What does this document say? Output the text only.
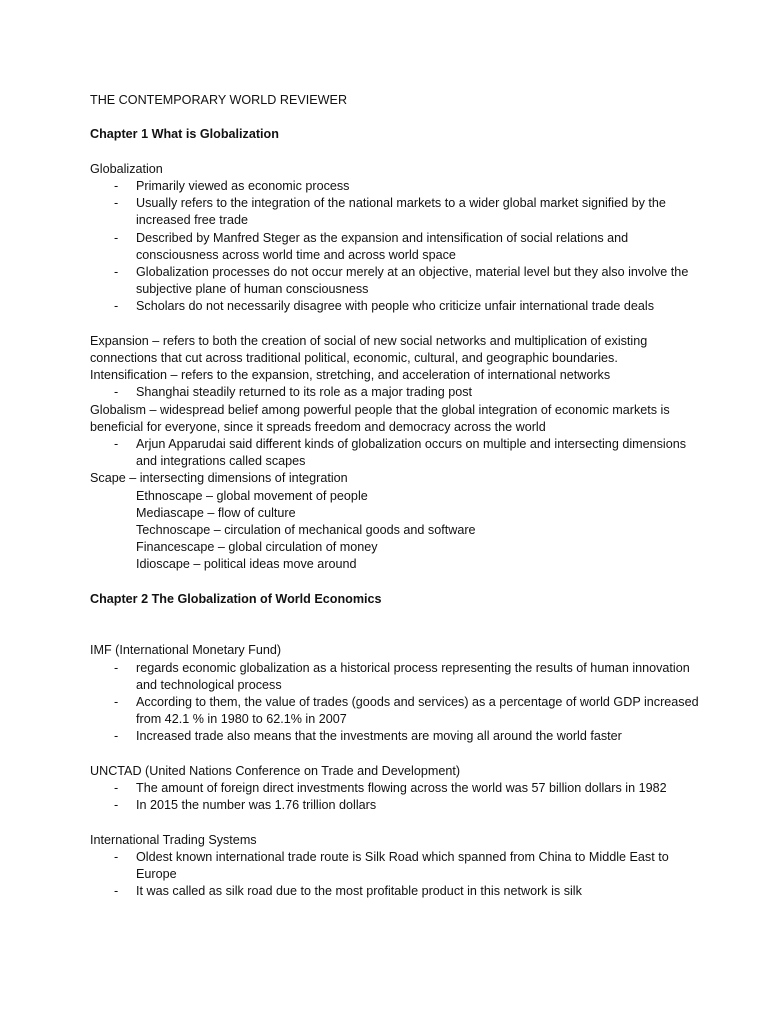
THE CONTEMPORARY WORLD REVIEWER

Chapter 1 What is Globalization

Globalization

- Primarily viewed as economic process
- Usually refers to the integration of the national markets to a wider global market signified by the increased free trade
- Described by Manfred Steger as the expansion and intensification of social relations and consciousness across world time and across world space
- Globalization processes do not occur merely at an objective, material level but they also involve the subjective plane of human consciousness
- Scholars do not necessarily disagree with people who criticize unfair international trade deals

Expansion – refers to both the creation of social of new social networks and multiplication of existing connections that cut across traditional political, economic, cultural, and geographic boundaries.

Intensification – refers to the expansion, stretching, and acceleration of international networks

- Shanghai steadily returned to its role as a major trading post

Globalism – widespread belief among powerful people that the global integration of economic markets is beneficial for everyone, since it spreads freedom and democracy across the world

- Arjun Apparudai said different kinds of globalization occurs on multiple and intersecting dimensions and integrations called scapes

Scape – intersecting dimensions of integration

Ethnoscape – global movement of people

Mediascape – flow of culture

Technoscape – circulation of mechanical goods and software

Financescape – global circulation of money

Idioscape – political ideas move around

Chapter 2 The Globalization of World Economics

IMF (International Monetary Fund)

- regards economic globalization as a historical process representing the results of human innovation and technological process
- According to them, the value of trades (goods and services) as a percentage of world GDP increased from 42.1 % in 1980 to 62.1% in 2007
- Increased trade also means that the investments are moving all around the world faster

UNCTAD (United Nations Conference on Trade and Development)

- The amount of foreign direct investments flowing across the world was 57 billion dollars in 1982
- In 2015 the number was 1.76 trillion dollars

International Trading Systems

- Oldest known international trade route is Silk Road which spanned from China to Middle East to Europe
- It was called as silk road due to the most profitable product in this network is silk
